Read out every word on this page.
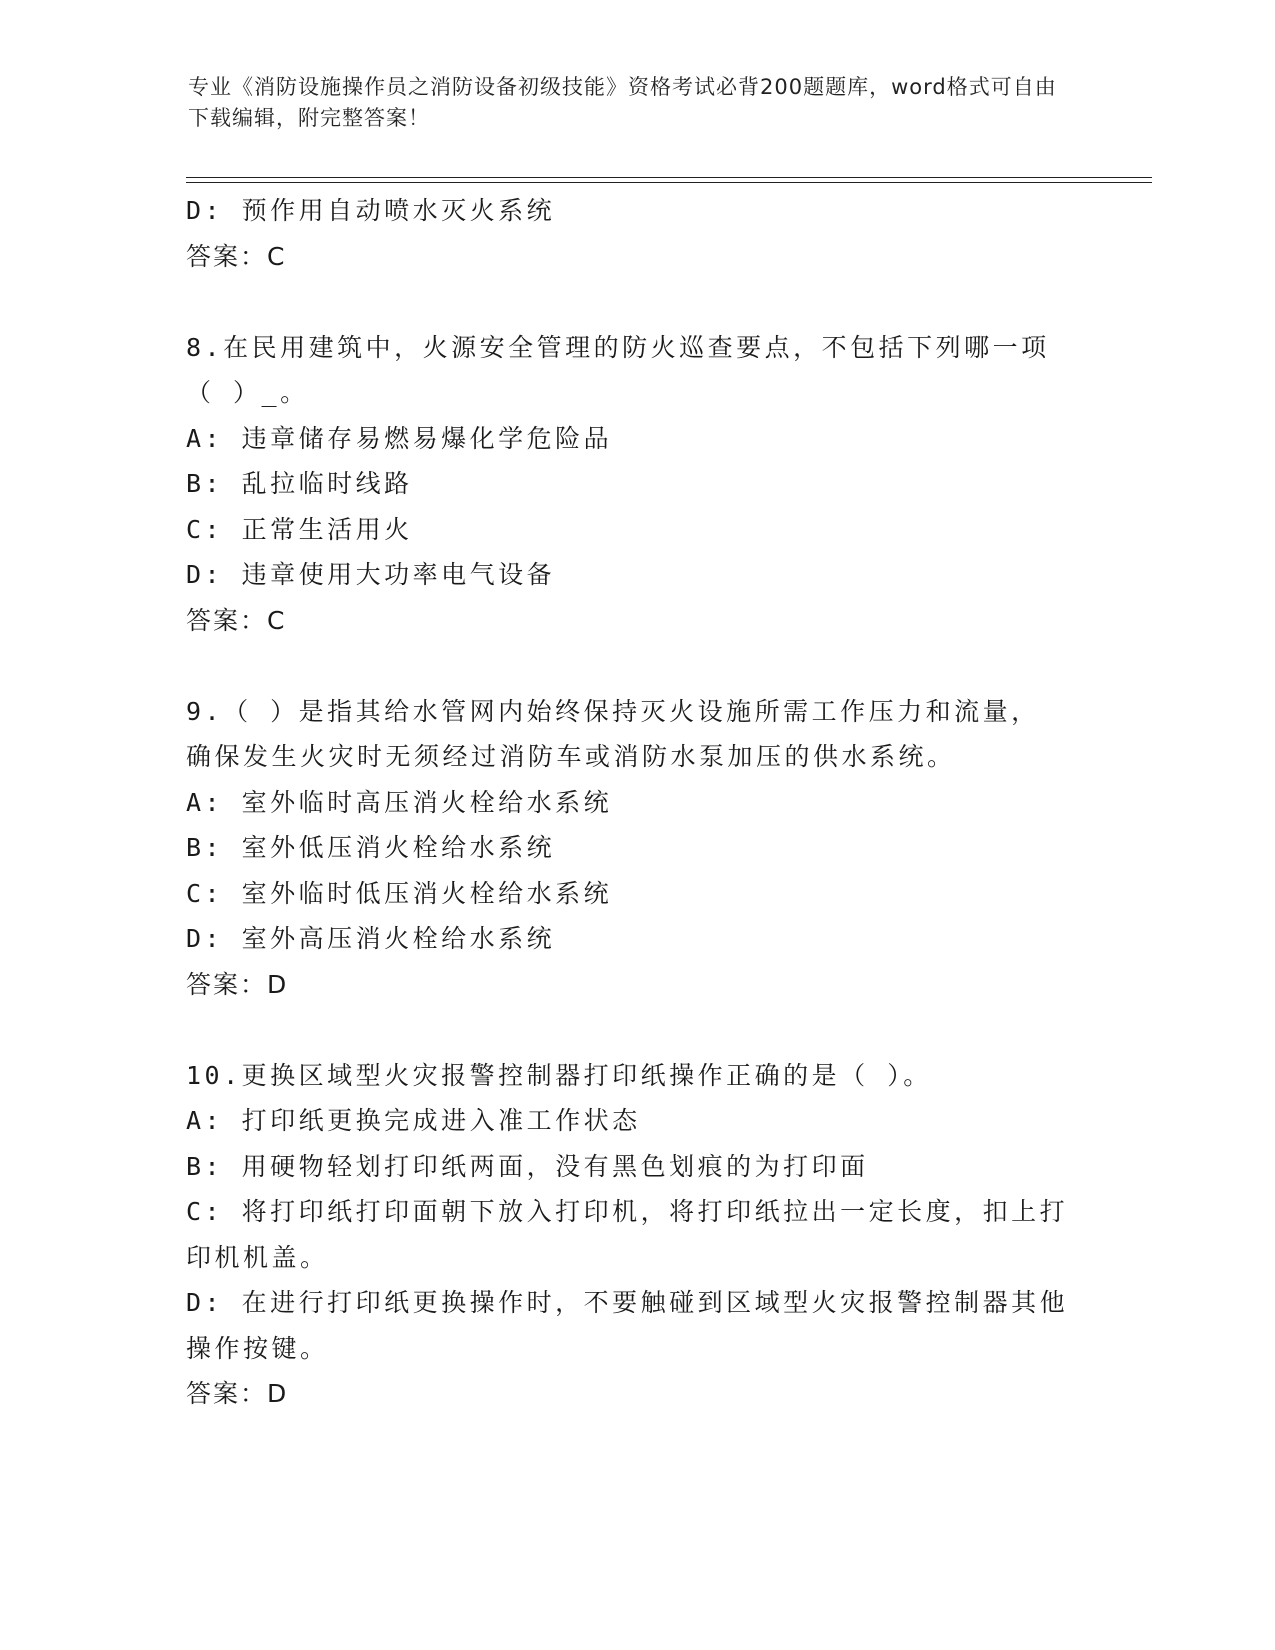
专业《消防设施操作员之消防设备初级技能》资格考试必背200题题库，word格式可自由下载编辑，附完整答案！
D: 预作用自动喷水灭火系统
答案：C
8.在民用建筑中，火源安全管理的防火巡查要点，不包括下列哪一项
（ ）_。
A: 违章储存易燃易爆化学危险品
B: 乱拉临时线路
C: 正常生活用火
D: 违章使用大功率电气设备
答案：C
9.（ ）是指其给水管网内始终保持灭火设施所需工作压力和流量，
确保发生火灾时无须经过消防车或消防水泵加压的供水系统。
A: 室外临时高压消火栓给水系统
B: 室外低压消火栓给水系统
C: 室外临时低压消火栓给水系统
D: 室外高压消火栓给水系统
答案：D
10.更换区域型火灾报警控制器打印纸操作正确的是（ ）。
A: 打印纸更换完成进入准工作状态
B: 用硬物轻划打印纸两面，没有黑色划痕的为打印面
C: 将打印纸打印面朝下放入打印机，将打印纸拉出一定长度，扣上打
印机机盖。
D: 在进行打印纸更换操作时，不要触碰到区域型火灾报警控制器其他
操作按键。
答案：D
